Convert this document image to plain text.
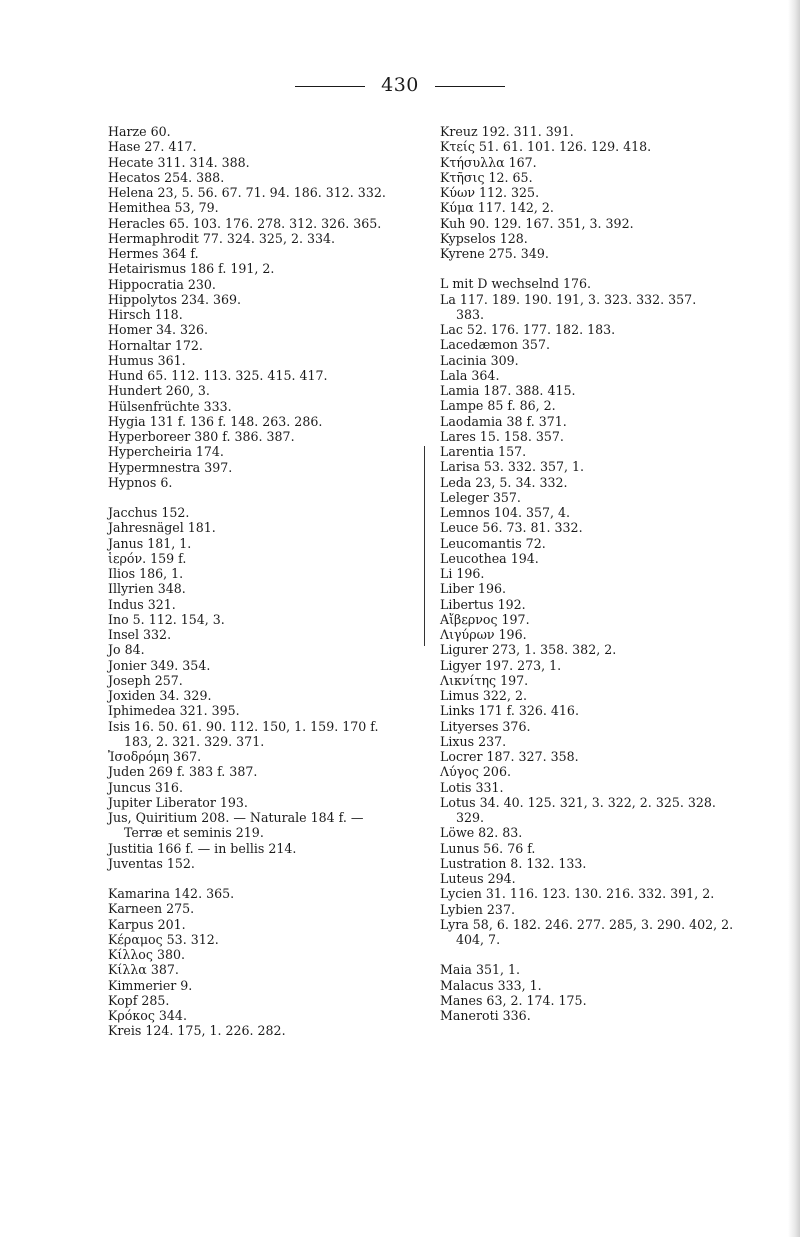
430
Harze 60.
Hase 27. 417.
Hecate 311. 314. 388.
Hecatos 254. 388.
Helena 23, 5. 56. 67. 71. 94. 186. 312. 332.
Hemithea 53, 79.
Heracles 65. 103. 176. 278. 312. 326. 365.
Hermaphrodit 77. 324. 325, 2. 334.
Hermes 364 f.
Hetairismus 186 f. 191, 2.
Hippocratia 230.
Hippolytos 234. 369.
Hirsch 118.
Homer 34. 326.
Hornaltar 172.
Humus 361.
Hund 65. 112. 113. 325. 415. 417.
Hundert 260, 3.
Hülsenfrüchte 333.
Hygia 131 f. 136 f. 148. 263. 286.
Hyperboreer 380 f. 386. 387.
Hypercheiria 174.
Hypermnestra 397.
Hypnos 6.
Jacchus 152.
Jahresnägel 181.
Janus 181, 1.
ἱερόν. 159 f.
Ilios 186, 1.
Illyrien 348.
Indus 321.
Ino 5. 112. 154, 3.
Insel 332.
Jo 84.
Jonier 349. 354.
Joseph 257.
Joxiden 34. 329.
Iphimedea 321. 395.
Isis 16. 50. 61. 90. 112. 150, 1. 159. 170 f.
183, 2. 321. 329. 371.
Ἰσοδρόμη 367.
Juden 269 f. 383 f. 387.
Juncus 316.
Jupiter Liberator 193.
Jus, Quiritium 208. — Naturale 184 f. —
Terræ et seminis 219.
Justitia 166 f. — in bellis 214.
Juventas 152.
Kamarina 142. 365.
Karneen 275.
Karpus 201.
Κέραμος 53. 312.
Κίλλος 380.
Κίλλα 387.
Kimmerier 9.
Kopf 285.
Κρόκος 344.
Kreis 124. 175, 1. 226. 282.
Kreuz 192. 311. 391.
Κτείς 51. 61. 101. 126. 129. 418.
Κτήσυλλα 167.
Κτῆσις 12. 65.
Κύων 112. 325.
Κύμα 117. 142, 2.
Kuh 90. 129. 167. 351, 3. 392.
Kypselos 128.
Kyrene 275. 349.
L mit D wechselnd 176.
La 117. 189. 190. 191, 3. 323. 332. 357.
383.
Lac 52. 176. 177. 182. 183.
Lacedæmon 357.
Lacinia 309.
Lala 364.
Lamia 187. 388. 415.
Lampe 85 f. 86, 2.
Laodamia 38 f. 371.
Lares 15. 158. 357.
Larentia 157.
Larisa 53. 332. 357, 1.
Leda 23, 5. 34. 332.
Leleger 357.
Lemnos 104. 357, 4.
Leuce 56. 73. 81. 332.
Leucomantis 72.
Leucothea 194.
Li 196.
Liber 196.
Libertus 192.
Αἴβερνος 197.
Λιγύρων 196.
Ligurer 273, 1. 358. 382, 2.
Ligyer 197. 273, 1.
Λικνίτης 197.
Limus 322, 2.
Links 171 f. 326. 416.
Lityerses 376.
Lixus 237.
Locrer 187. 327. 358.
Λύγος 206.
Lotis 331.
Lotus 34. 40. 125. 321, 3. 322, 2. 325. 328.
329.
Löwe 82. 83.
Lunus 56. 76 f.
Lustration 8. 132. 133.
Luteus 294.
Lycien 31. 116. 123. 130. 216. 332. 391, 2.
Lybien 237.
Lyra 58, 6. 182. 246. 277. 285, 3. 290. 402, 2.
404, 7.
Maia 351, 1.
Malacus 333, 1.
Manes 63, 2. 174. 175.
Maneroti 336.
